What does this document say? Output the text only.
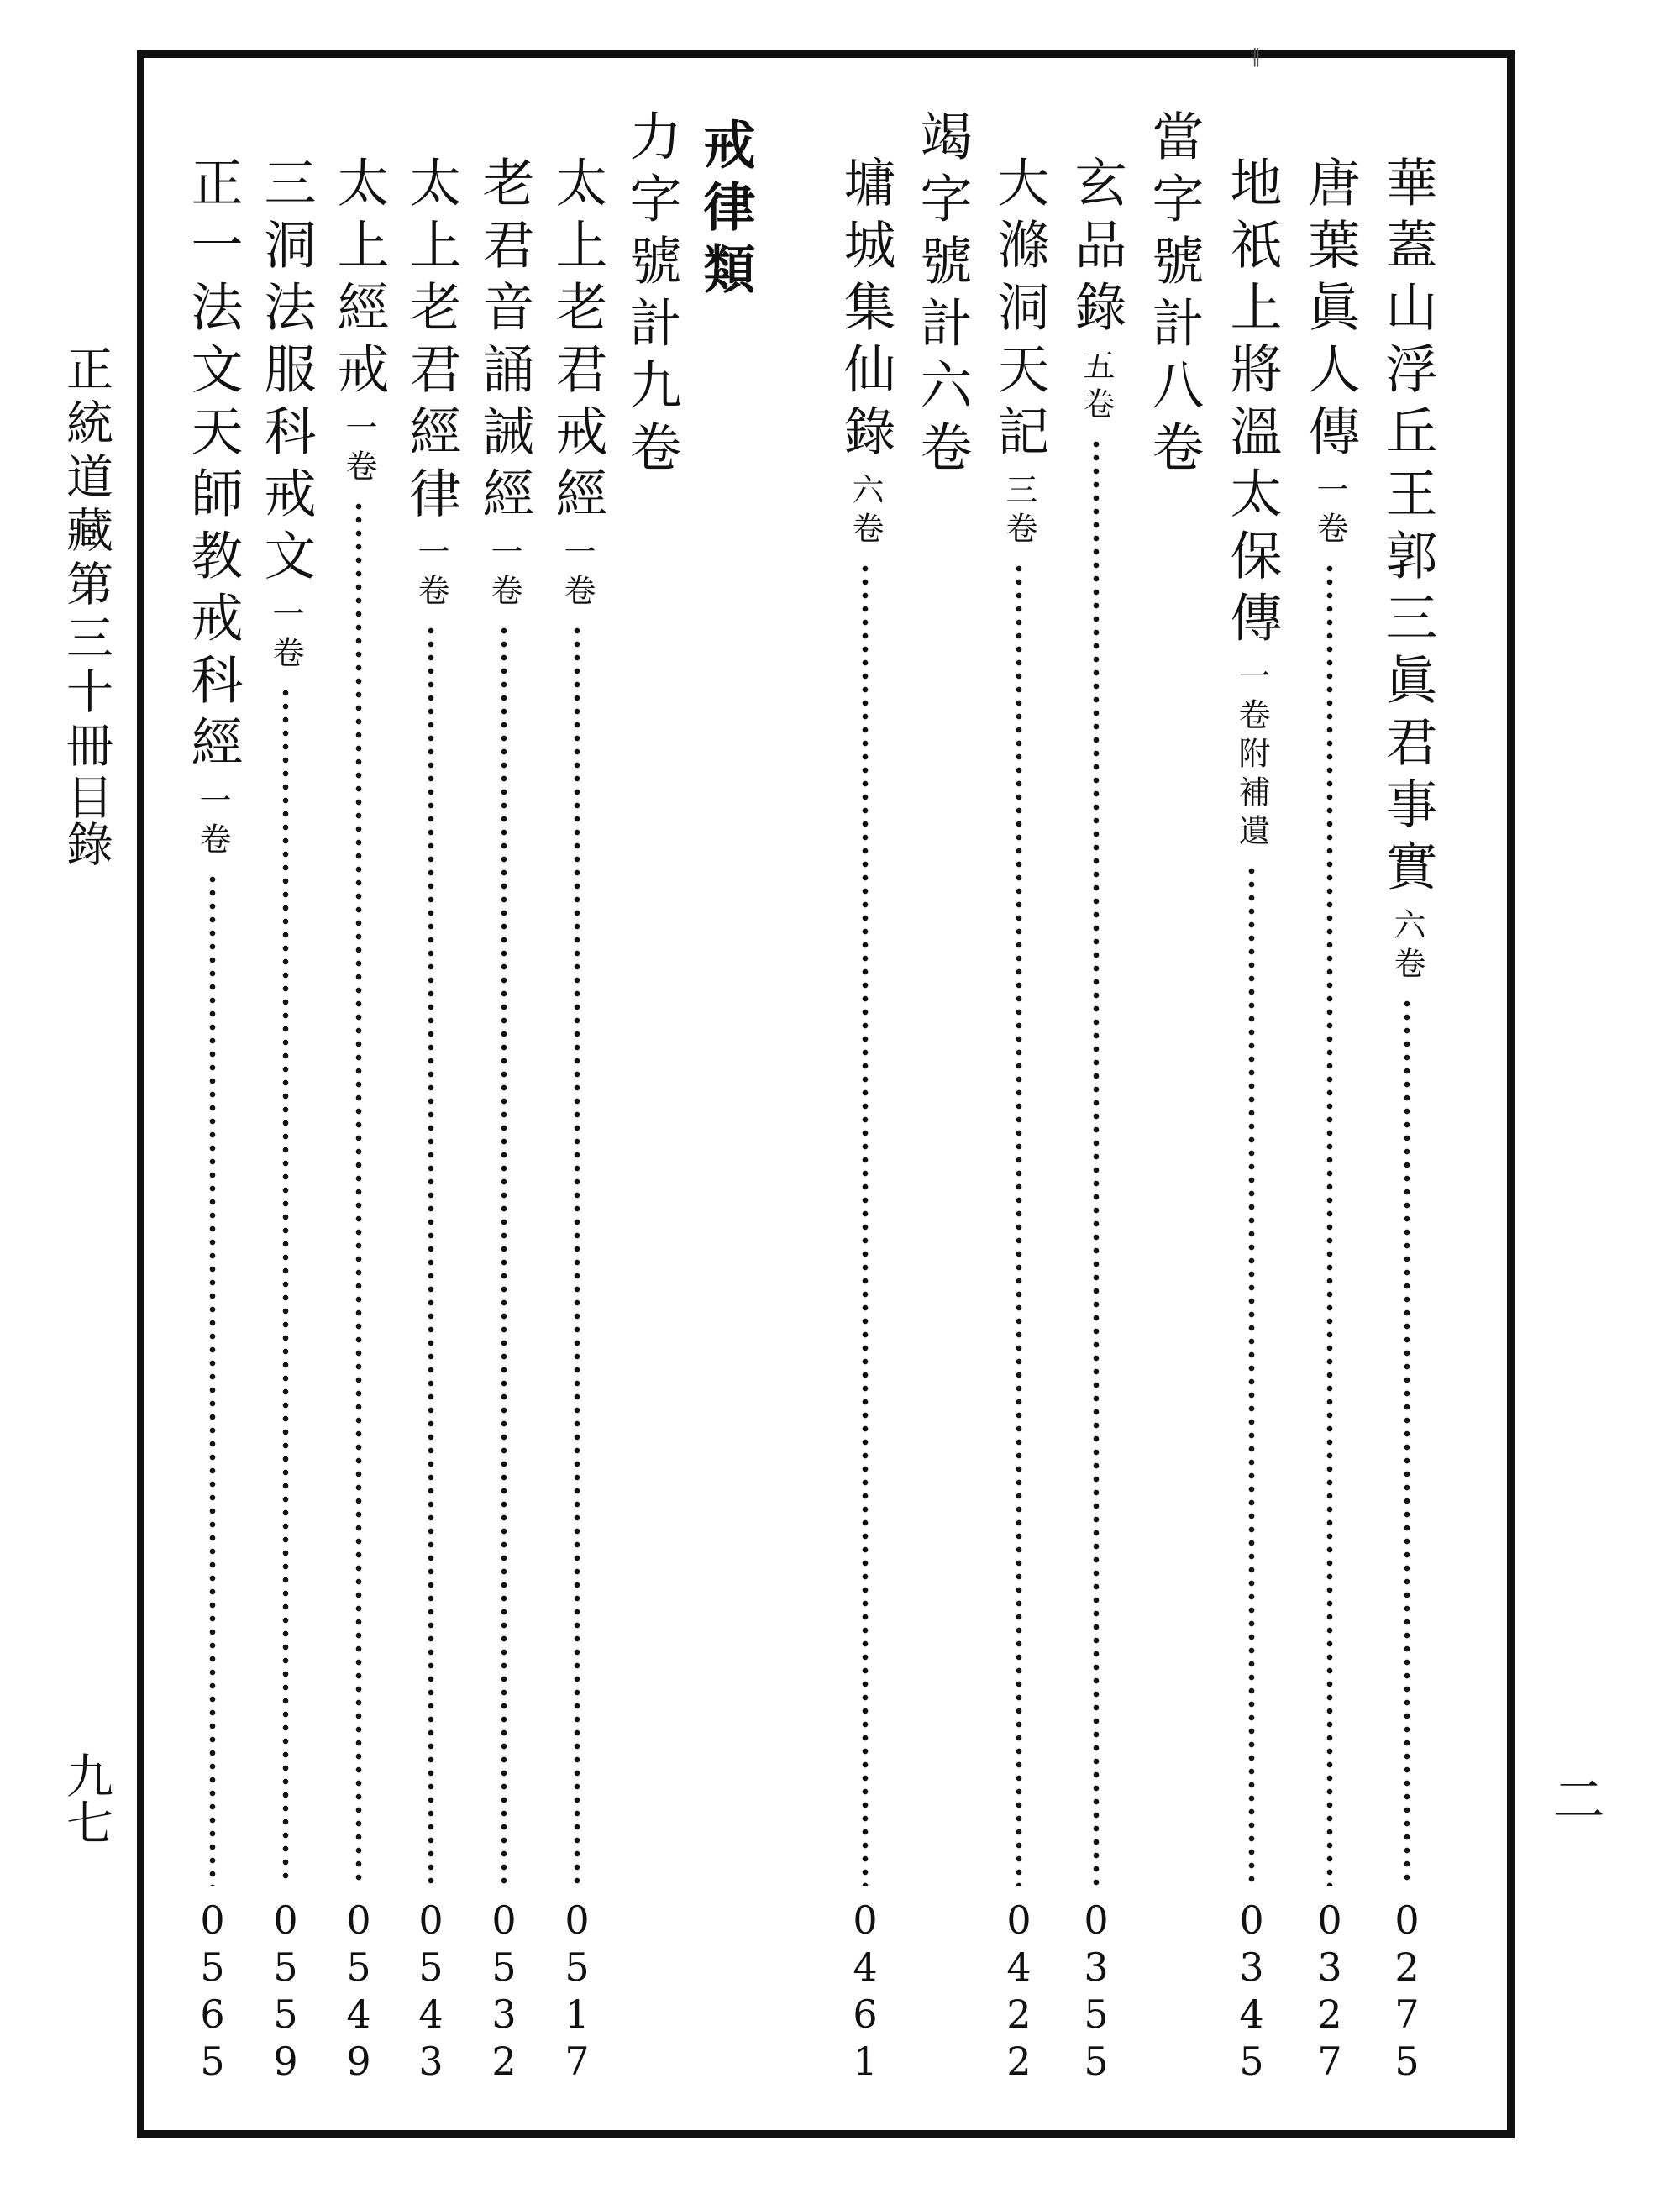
‖
正統道藏第三十冊
目錄
九七	二
華蓋山浮丘王郭三眞君事實六卷
0
2
7
5
唐葉眞人傳一卷
0
3
2
7
地祇上將溫太保傳一卷附補遺
0
3
4
5
當字號計八卷
玄品錄五卷
0
3
5
5
大滌洞天記三卷
0
4
2
2
竭字號計六卷
墉城集仙錄六卷
0
4
6
1
戒律類
力字號計九卷
太上老君戒經一卷
0
5
1
7
老君音誦誡經一卷
0
5
3
2
太上老君經律一卷
0
5
4
3
太上經戒一卷
0
5
4
9
三洞法服科戒文一卷
0
5
5
9
正一法文天師教戒科經一卷
0
5
6
5
